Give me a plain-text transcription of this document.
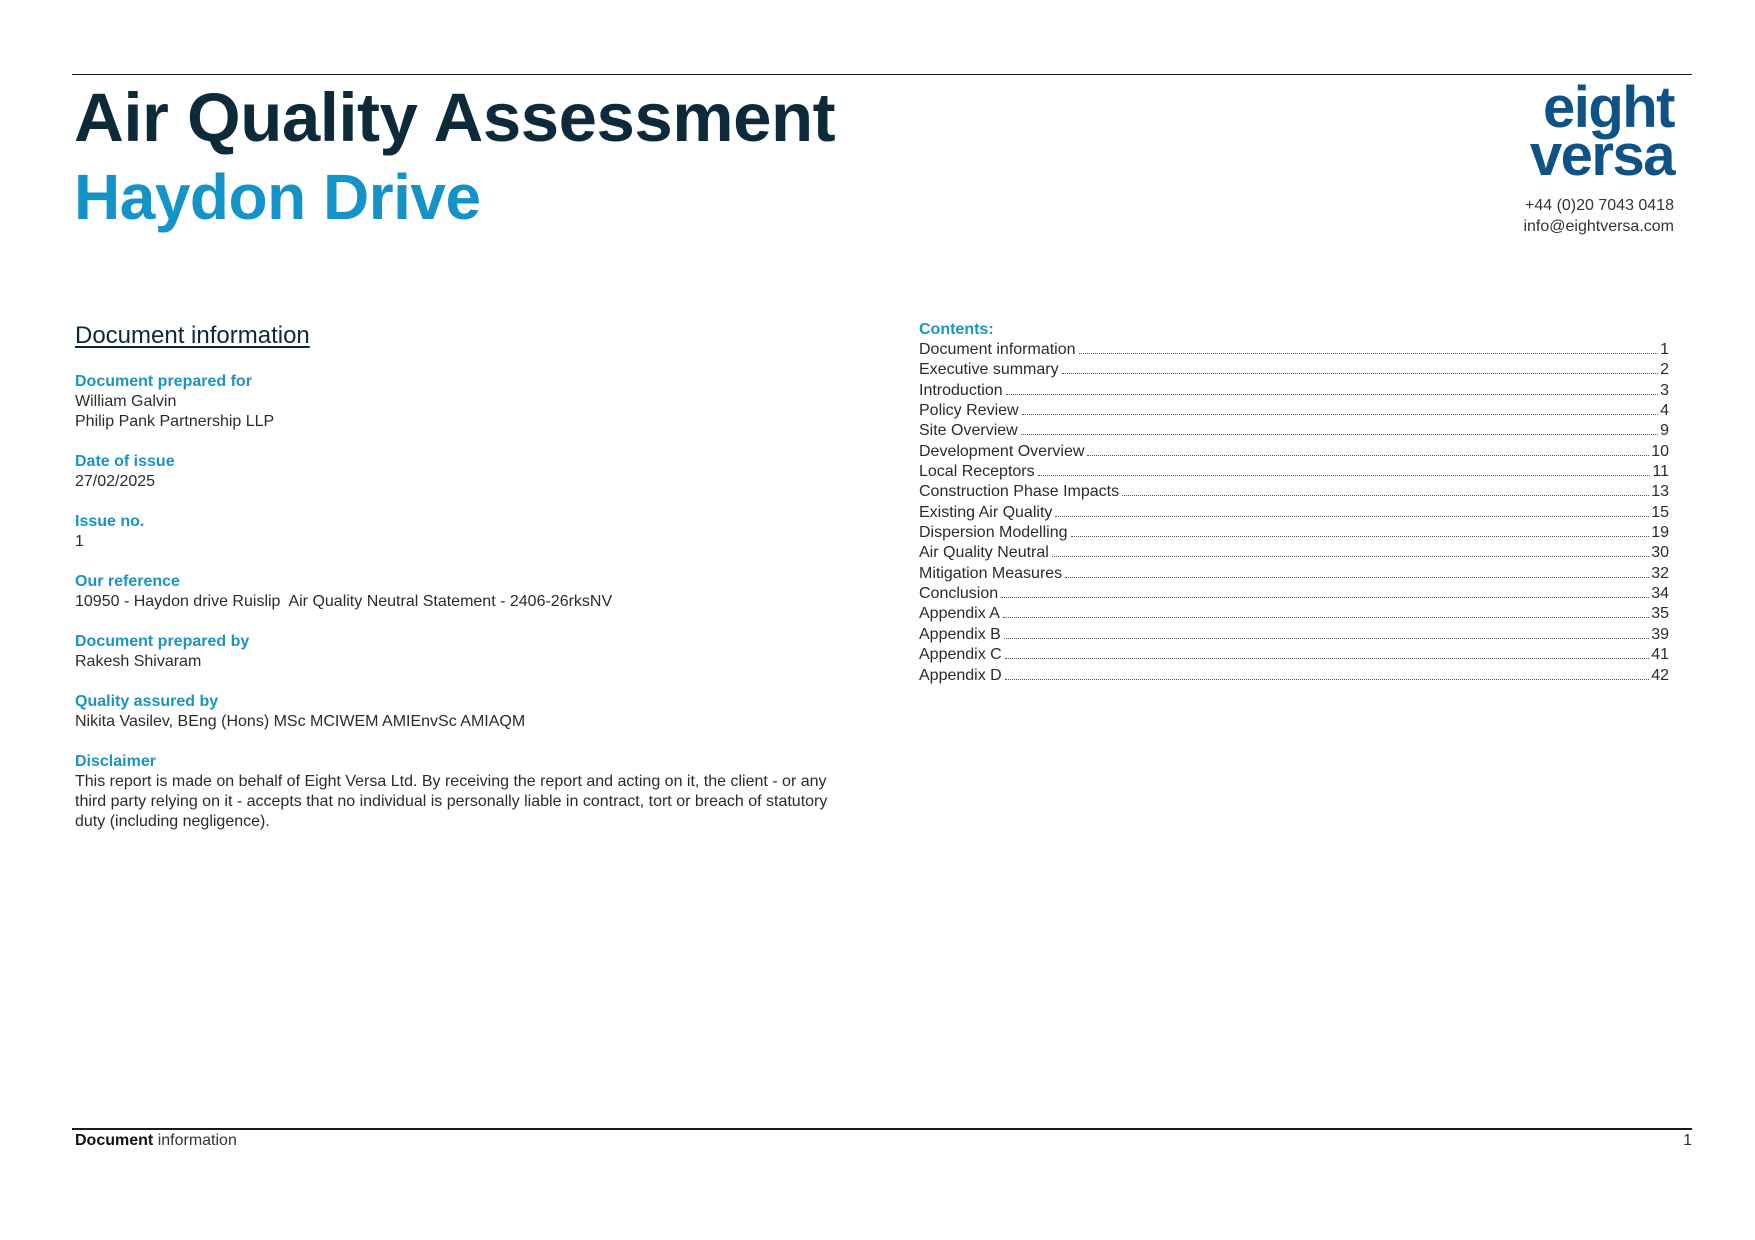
Air Quality Assessment
Haydon Drive
eight
versa
+44 (0)20 7043 0418
info@eightversa.com
Document information
Document prepared for
William Galvin
Philip Pank Partnership LLP
Date of issue
27/02/2025
Issue no.
1
Our reference
10950 - Haydon drive Ruislip  Air Quality Neutral Statement - 2406-26rksNV
Document prepared by
Rakesh Shivaram
Quality assured by
Nikita Vasilev, BEng (Hons) MSc MCIWEM AMIEnvSc AMIAQM
Disclaimer
This report is made on behalf of Eight Versa Ltd. By receiving the report and acting on it, the client - or any third party relying on it - accepts that no individual is personally liable in contract, tort or breach of statutory duty (including negligence).
Contents:
Document information	1
Executive summary	2
Introduction	3
Policy Review	4
Site Overview	9
Development Overview	10
Local Receptors	11
Construction Phase Impacts	13
Existing Air Quality	15
Dispersion Modelling	19
Air Quality Neutral	30
Mitigation Measures	32
Conclusion	34
Appendix A	35
Appendix B	39
Appendix C	41
Appendix D	42
Document information	1
